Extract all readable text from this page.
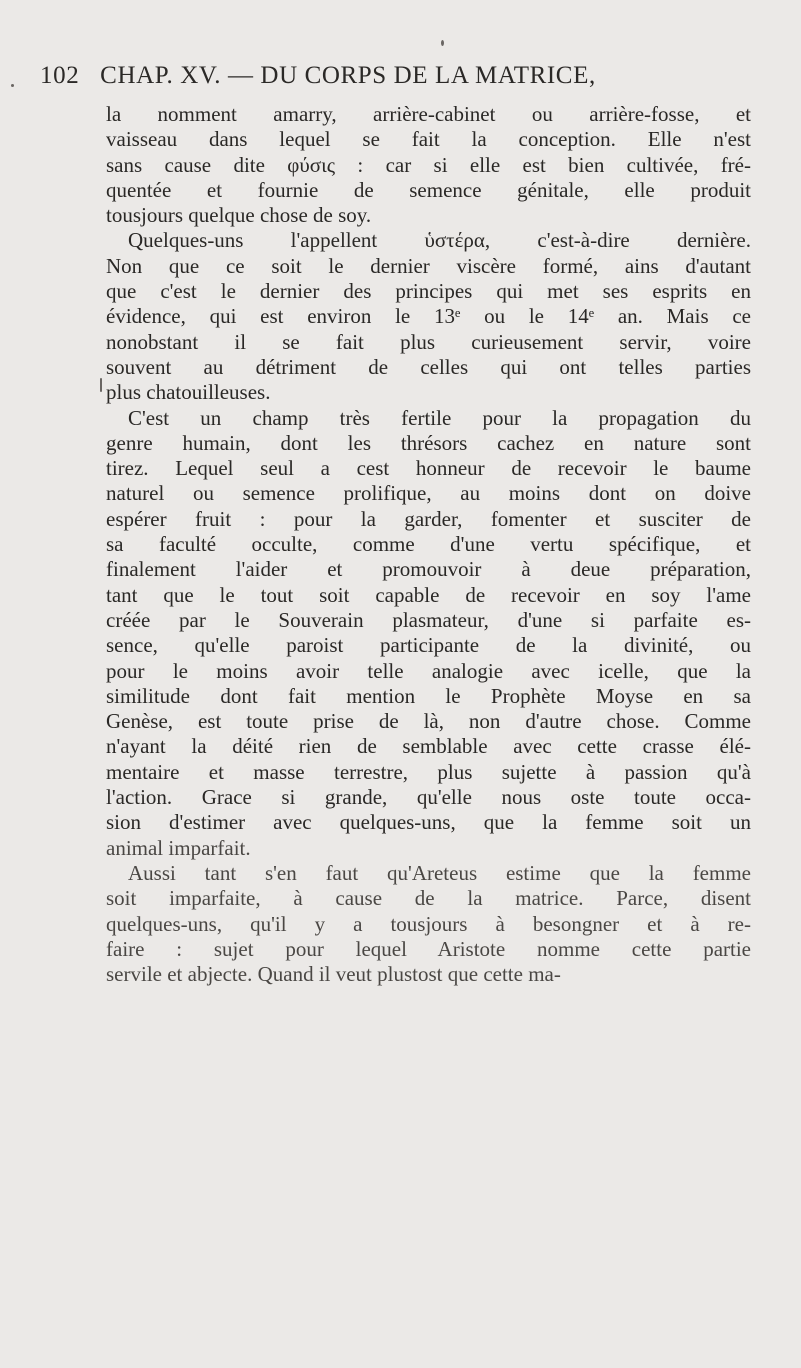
102 CHAP. XV. — DU CORPS DE LA MATRICE,
la nomment amarry, arrière-cabinet ou arrière-fosse, et
vaisseau dans lequel se fait la conception. Elle n'est
sans cause dite φύσις : car si elle est bien cultivée, fré-
quentée et fournie de semence génitale, elle produit
tousjours quelque chose de soy.
Quelques-uns l'appellent ὑστέρα, c'est-à-dire dernière.
Non que ce soit le dernier viscère formé, ains d'autant
que c'est le dernier des principes qui met ses esprits en
évidence, qui est environ le 13ᵉ ou le 14ᵉ an. Mais ce
nonobstant il se fait plus curieusement servir, voire
souvent au détriment de celles qui ont telles parties
plus chatouilleuses.
C'est un champ très fertile pour la propagation du
genre humain, dont les thrésors cachez en nature sont
tirez. Lequel seul a cest honneur de recevoir le baume
naturel ou semence prolifique, au moins dont on doive
espérer fruit : pour la garder, fomenter et susciter de
sa faculté occulte, comme d'une vertu spécifique, et
finalement l'aider et promouvoir à deue préparation,
tant que le tout soit capable de recevoir en soy l'ame
créée par le Souverain plasmateur, d'une si parfaite es-
sence, qu'elle paroist participante de la divinité, ou
pour le moins avoir telle analogie avec icelle, que la
similitude dont fait mention le Prophète Moyse en sa
Genèse, est toute prise de là, non d'autre chose. Comme
n'ayant la déité rien de semblable avec cette crasse élé-
mentaire et masse terrestre, plus sujette à passion qu'à
l'action. Grace si grande, qu'elle nous oste toute occa-
sion d'estimer avec quelques-uns, que la femme soit un
animal imparfait.
Aussi tant s'en faut qu'Areteus estime que la femme
soit imparfaite, à cause de la matrice. Parce, disent
quelques-uns, qu'il y a tousjours à besongner et à re-
faire : sujet pour lequel Aristote nomme cette partie
servile et abjecte. Quand il veut plustost que cette ma-
